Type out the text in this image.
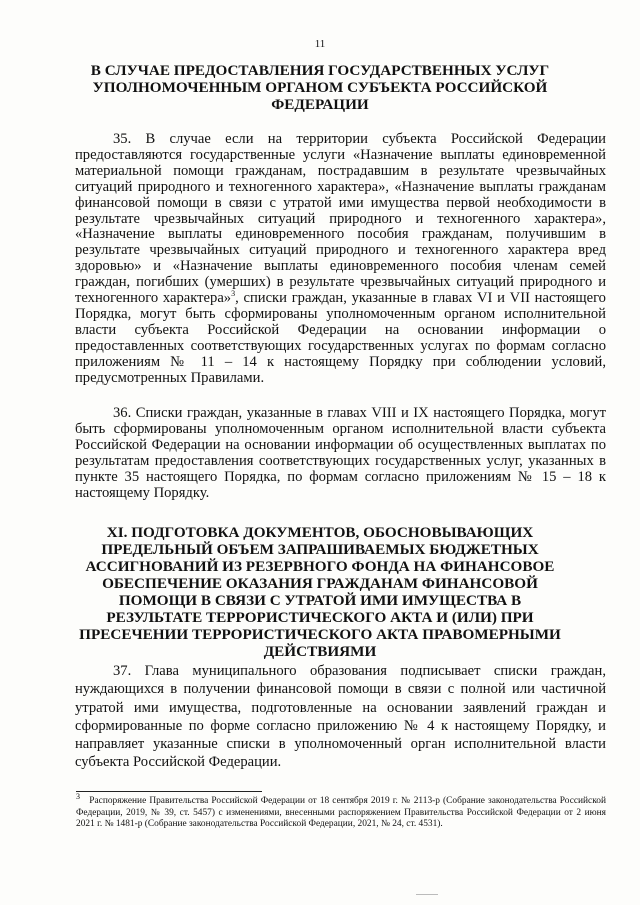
11
В СЛУЧАЕ ПРЕДОСТАВЛЕНИЯ ГОСУДАРСТВЕННЫХ УСЛУГ УПОЛНОМОЧЕННЫМ ОРГАНОМ СУБЪЕКТА РОССИЙСКОЙ ФЕДЕРАЦИИ

35. В случае если на территории субъекта Российской Федерации предоставляются государственные услуги «Назначение выплаты единовременной материальной помощи гражданам, пострадавшим в результате чрезвычайных ситуаций природного и техногенного характера», «Назначение выплаты гражданам финансовой помощи в связи с утратой ими имущества первой необходимости в результате чрезвычайных ситуаций природного и техногенного характера», «Назначение выплаты единовременного пособия гражданам, получившим в результате чрезвычайных ситуаций природного и техногенного характера вред здоровью» и «Назначение выплаты единовременного пособия членам семей граждан, погибших (умерших) в результате чрезвычайных ситуаций природного и техногенного характера»$^3$, списки граждан, указанные в главах VI и VII настоящего Порядка, могут быть сформированы уполномоченным органом исполнительной власти субъекта Российской Федерации на основании информации о предоставленных соответствующих государственных услугах по формам согласно приложениям № 11 – 14 к настоящему Порядку при соблюдении условий, предусмотренных Правилами.

36. Списки граждан, указанные в главах VIII и IX настоящего Порядка, могут быть сформированы уполномоченным органом исполнительной власти субъекта Российской Федерации на основании информации об осуществленных выплатах по результатам предоставления соответствующих государственных услуг, указанных в пункте 35 настоящего Порядка, по формам согласно приложениям № 15 – 18 к настоящему Порядку.

XI. ПОДГОТОВКА ДОКУМЕНТОВ, ОБОСНОВЫВАЮЩИХ ПРЕДЕЛЬНЫЙ ОБЪЕМ ЗАПРАШИВАЕМЫХ БЮДЖЕТНЫХ АССИГНОВАНИЙ ИЗ РЕЗЕРВНОГО ФОНДА НА ФИНАНСОВОЕ ОБЕСПЕЧЕНИЕ ОКАЗАНИЯ ГРАЖДАНАМ ФИНАНСОВОЙ ПОМОЩИ В СВЯЗИ С УТРАТОЙ ИМИ ИМУЩЕСТВА В РЕЗУЛЬТАТЕ ТЕРРОРИСТИЧЕСКОГО АКТА И (ИЛИ) ПРИ ПРЕСЕЧЕНИИ ТЕРРОРИСТИЧЕСКОГО АКТА ПРАВОМЕРНЫМИ ДЕЙСТВИЯМИ

37. Глава муниципального образования подписывает списки граждан, нуждающихся в получении финансовой помощи в связи с полной или частичной утратой ими имущества, подготовленные на основании заявлений граждан и сформированные по форме согласно приложению № 4 к настоящему Порядку, и направляет указанные списки в уполномоченный орган исполнительной власти субъекта Российской Федерации.

$^3$ Распоряжение Правительства Российской Федерации от 18 сентября 2019 г. № 2113-р (Собрание законодательства Российской Федерации, 2019, № 39, ст. 5457) с изменениями, внесенными распоряжением Правительства Российской Федерации от 2 июня 2021 г. № 1481-р (Собрание законодательства Российской Федерации, 2021, № 24, ст. 4531).
